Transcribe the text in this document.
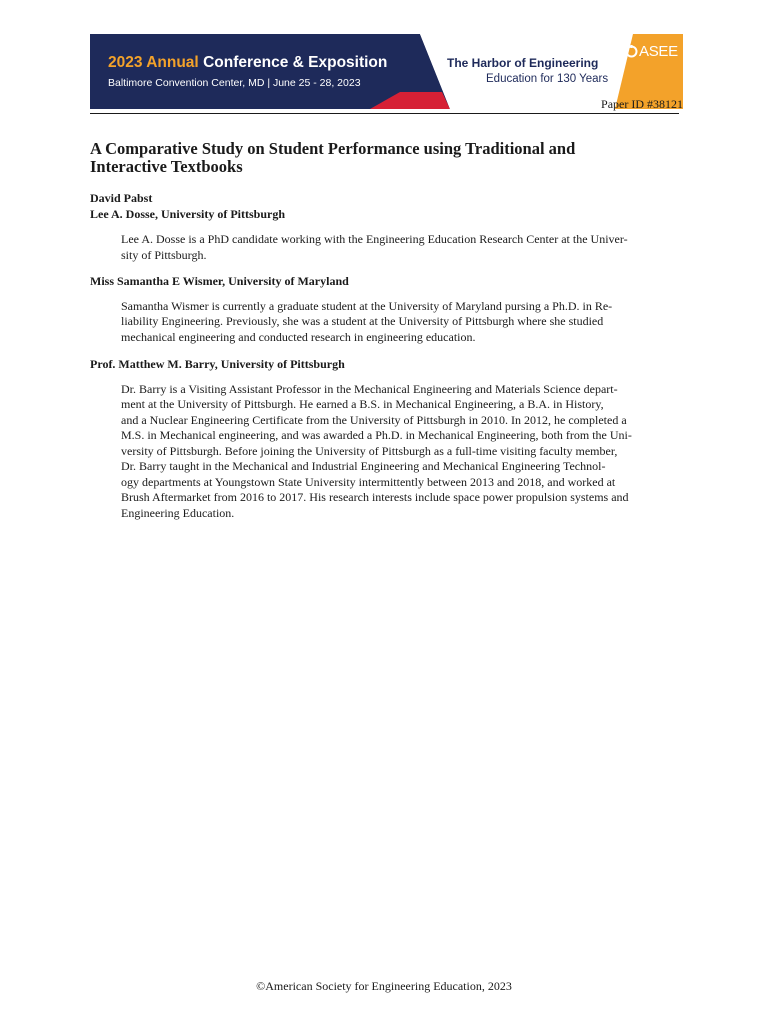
2023 Annual Conference & Exposition
Baltimore Convention Center, MD | June 25 - 28, 2023
The Harbor of Engineering
Education for 130 Years
ASEE
Paper ID #38121
A Comparative Study on Student Performance using Traditional and
Interactive Textbooks

David Pabst

Lee A. Dosse, University of Pittsburgh

Lee A. Dosse is a PhD candidate working with the Engineering Education Research Center at the Univer-
sity of Pittsburgh.

Miss Samantha E Wismer, University of Maryland

Samantha Wismer is currently a graduate student at the University of Maryland pursing a Ph.D. in Re-
liability Engineering. Previously, she was a student at the University of Pittsburgh where she studied
mechanical engineering and conducted research in engineering education.

Prof. Matthew M. Barry, University of Pittsburgh

Dr. Barry is a Visiting Assistant Professor in the Mechanical Engineering and Materials Science depart-
ment at the University of Pittsburgh. He earned a B.S. in Mechanical Engineering, a B.A. in History,
and a Nuclear Engineering Certificate from the University of Pittsburgh in 2010. In 2012, he completed a
M.S. in Mechanical engineering, and was awarded a Ph.D. in Mechanical Engineering, both from the Uni-
versity of Pittsburgh. Before joining the University of Pittsburgh as a full-time visiting faculty member,
Dr. Barry taught in the Mechanical and Industrial Engineering and Mechanical Engineering Technol-
ogy departments at Youngstown State University intermittently between 2013 and 2018, and worked at
Brush Aftermarket from 2016 to 2017. His research interests include space power propulsion systems and
Engineering Education.

©American Society for Engineering Education, 2023
